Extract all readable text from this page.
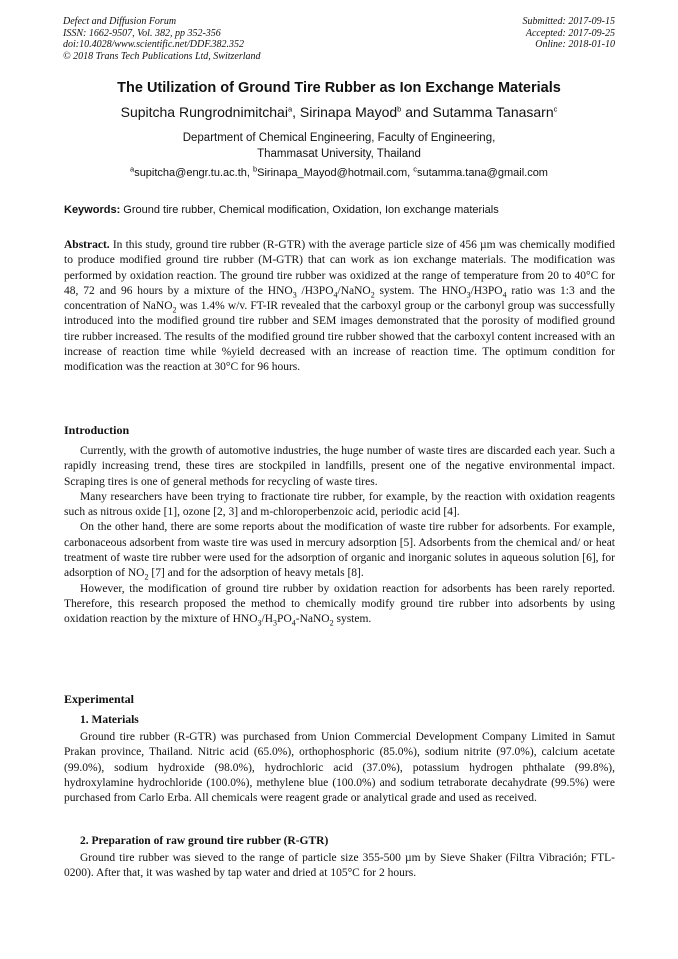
Defect and Diffusion Forum
ISSN: 1662-9507, Vol. 382, pp 352-356
doi:10.4028/www.scientific.net/DDF.382.352
© 2018 Trans Tech Publications Ltd, Switzerland
Submitted: 2017-09-15
Accepted: 2017-09-25
Online: 2018-01-10
The Utilization of Ground Tire Rubber as Ion Exchange Materials
Supitcha Rungrodnimitchai$^a$, Sirinapa Mayod$^b$ and Sutamma Tanasarn$^c$
Department of Chemical Engineering, Faculty of Engineering,
Thammasat University, Thailand
$^a$supitcha@engr.tu.ac.th, $^b$Sirinapa_Mayod@hotmail.com, $^c$sutamma.tana@gmail.com
Keywords: Ground tire rubber, Chemical modification, Oxidation, Ion exchange materials

Abstract. In this study, ground tire rubber (R-GTR) with the average particle size of 456 µm was chemically modified to produce modified ground tire rubber (M-GTR) that can work as ion exchange materials. The modification was performed by oxidation reaction. The ground tire rubber was oxidized at the range of temperature from 20 to 40°C for 48, 72 and 96 hours by a mixture of the $HNO_3$ $/H3PO_4/NaNO_2$ system. The $HNO_3/H3PO_4$ ratio was 1:3 and the concentration of NaNO$_2$ was 1.4% w/v. FT-IR revealed that the carboxyl group or the carbonyl group was successfully introduced into the modified ground tire rubber and SEM images demonstrated that the porosity of modified ground tire rubber increased. The results of the modified ground tire rubber showed that the carboxyl content increased with an increase of reaction time while %yield decreased with an increase of reaction time. The optimum condition for modification was the reaction at 30°C for 96 hours.

Introduction

Currently, with the growth of automotive industries, the huge number of waste tires are discarded each year. Such a rapidly increasing trend, these tires are stockpiled in landfills, present one of the negative environmental impact. Scraping tires is one of general methods for recycling of waste tires.

Many researchers have been trying to fractionate tire rubber, for example, by the reaction with oxidation reagents such as nitrous oxide [1], ozone [2, 3] and m-chloroperbenzoic acid, periodic acid [4].

On the other hand, there are some reports about the modification of waste tire rubber for adsorbents. For example, carbonaceous adsorbent from waste tire was used in mercury adsorption [5]. Adsorbents from the chemical and/ or heat treatment of waste tire rubber were used for the adsorption of organic and inorganic solutes in aqueous solution [6], for adsorption of $NO_2$ [7] and for the adsorption of heavy metals [8].

However, the modification of ground tire rubber by oxidation reaction for adsorbents has been rarely reported. Therefore, this research proposed the method to chemically modify ground tire rubber into adsorbents by using oxidation reaction by the mixture of $HNO_3/H_3PO_4-NaNO_2$ system.

Experimental
1. Materials

Ground tire rubber (R-GTR) was purchased from Union Commercial Development Company Limited in Samut Prakan province, Thailand. Nitric acid (65.0%), orthophosphoric (85.0%), sodium nitrite (97.0%), calcium acetate (99.0%), sodium hydroxide (98.0%), hydrochloric acid (37.0%), potassium hydrogen phthalate (99.8%), hydroxylamine hydrochloride (100.0%), methylene blue (100.0%) and sodium tetraborate decahydrate (99.5%) were purchased from Carlo Erba. All chemicals were reagent grade or analytical grade and used as received.

2. Preparation of raw ground tire rubber (R-GTR)

Ground tire rubber was sieved to the range of particle size 355-500 µm by Sieve Shaker (Filtra Vibración; FTL-0200). After that, it was washed by tap water and dried at 105°C for 2 hours.
